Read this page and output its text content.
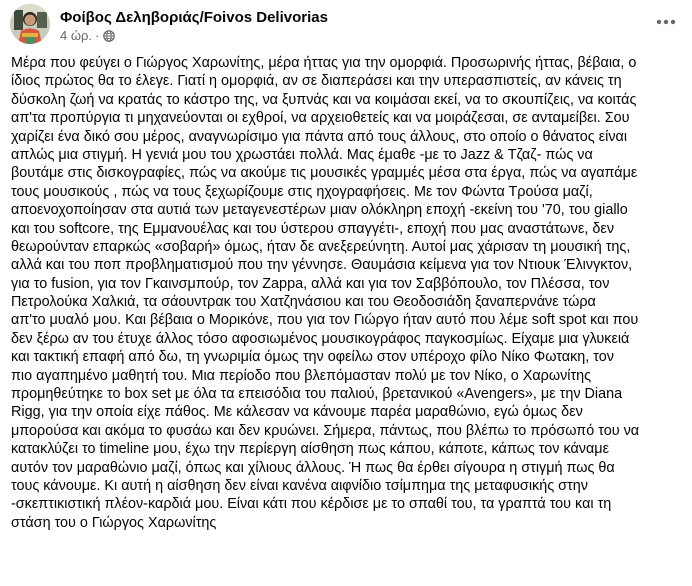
Φοίβος Δεληβοριάς/Fοivos Delivorias
4 ώρ. ·
Μέρα που φεύγει ο Γιώργος Χαρωνίτης, μέρα ήττας για την ομορφιά. Προσωρινής ήττας, βέβαια, ο
ίδιος πρώτος θα το έλεγε. Γιατί η ομορφιά, αν σε διαπεράσει και την υπερασπιστείς, αν κάνεις τη
δύσκολη ζωή να κρατάς το κάστρο της, να ξυπνάς και να κοιμάσαι εκεί, να το σκουπίζεις, να κοιτάς
απ'τα προπύργια τι μηχανεύονται οι εχθροί, να αρχειοθετείς και να μοιράζεσαι, σε ανταμείβει. Σου
χαρίζει ένα δικό σου μέρος, αναγνωρίσιμο για πάντα από τους άλλους, στο οποίο ο θάνατος είναι
απλώς μια στιγμή. Η γενιά μου του χρωστάει πολλά. Μας έμαθε -με το Jazz & Τζαζ- πώς να
βουτάμε στις δισκογραφίες, πώς να ακούμε τις μουσικές γραμμές μέσα στα έργα, πώς να αγαπάμε
τους μουσικούς , πώς να τους ξεχωρίζουμε στις ηχογραφήσεις. Με τον Φώντα Τρούσα μαζί,
αποενοχοποίησαν στα αυτιά των μεταγενεστέρων μιαν ολόκληρη εποχή -εκείνη του '70, του giallo
και του softcore, της Εμμανουέλας και του ύστερου σπαγγέτι-, εποχή που μας αναστάτωνε, δεν
θεωρούνταν επαρκώς «σοβαρή» όμως, ήταν δε ανεξερεύνητη. Αυτοί μας χάρισαν τη μουσική της,
αλλά και του ποπ προβληματισμού που την γέννησε. Θαυμάσια κείμενα για τον Ντιουκ Έλινγκτον,
για το fusion, για τον Γκαινσμπούρ, τον Zappa, αλλά και για τον Σαββόπουλο, τον Πλέσσα, τον
Πετρολούκα Χαλκιά, τα σάουντρακ του Χατζηνάσιου και του Θεοδοσιάδη ξαναπερνάνε τώρα
απ'το μυαλό μου. Και βέβαια ο Μορικόνε, που για τον Γιώργο ήταν αυτό που λέμε soft spot και που
δεν ξέρω αν του έτυχε άλλος τόσο αφοσιωμένος μουσικογράφος παγκοσμίως. Είχαμε μια γλυκειά
και τακτική επαφή από δω, τη γνωριμία όμως την οφείλω στον υπέροχο φίλο Νίκο Φωτακη, τον
πιο αγαπημένο μαθητή του. Μια περίοδο που βλεπόμασταν πολύ με τον Νίκο, ο Χαρωνίτης
προμηθεύτηκε το box set με όλα τα επεισόδια του παλιού, βρετανικού «Avengers», με την Diana
Rigg, για την οποία είχε πάθος. Με κάλεσαν να κάνουμε παρέα μαραθώνιο, εγώ όμως δεν
μπορούσα και ακόμα το φυσάω και δεν κρυώνει. Σήμερα, πάντως, που βλέπω το πρόσωπό του να
κατακλύζει το timeline μου, έχω την περίεργη αίσθηση πως κάπου, κάποτε, κάπως τον κάναμε
αυτόν τον μαραθώνιο μαζί, όπως και χίλιους άλλους. Ή πως θα έρθει σίγουρα η στιγμή πως θα
τους κάνουμε. Κι αυτή η αίσθηση δεν είναι κανένα αιφνίδιο τσίμπημα της μεταφυσικής στην
-σκεπτικιστική πλέον-καρδιά μου. Είναι κάτι που κέρδισε με το σπαθί του, τα γραπτά του και τη
στάση του ο Γιώργος Χαρωνίτης
